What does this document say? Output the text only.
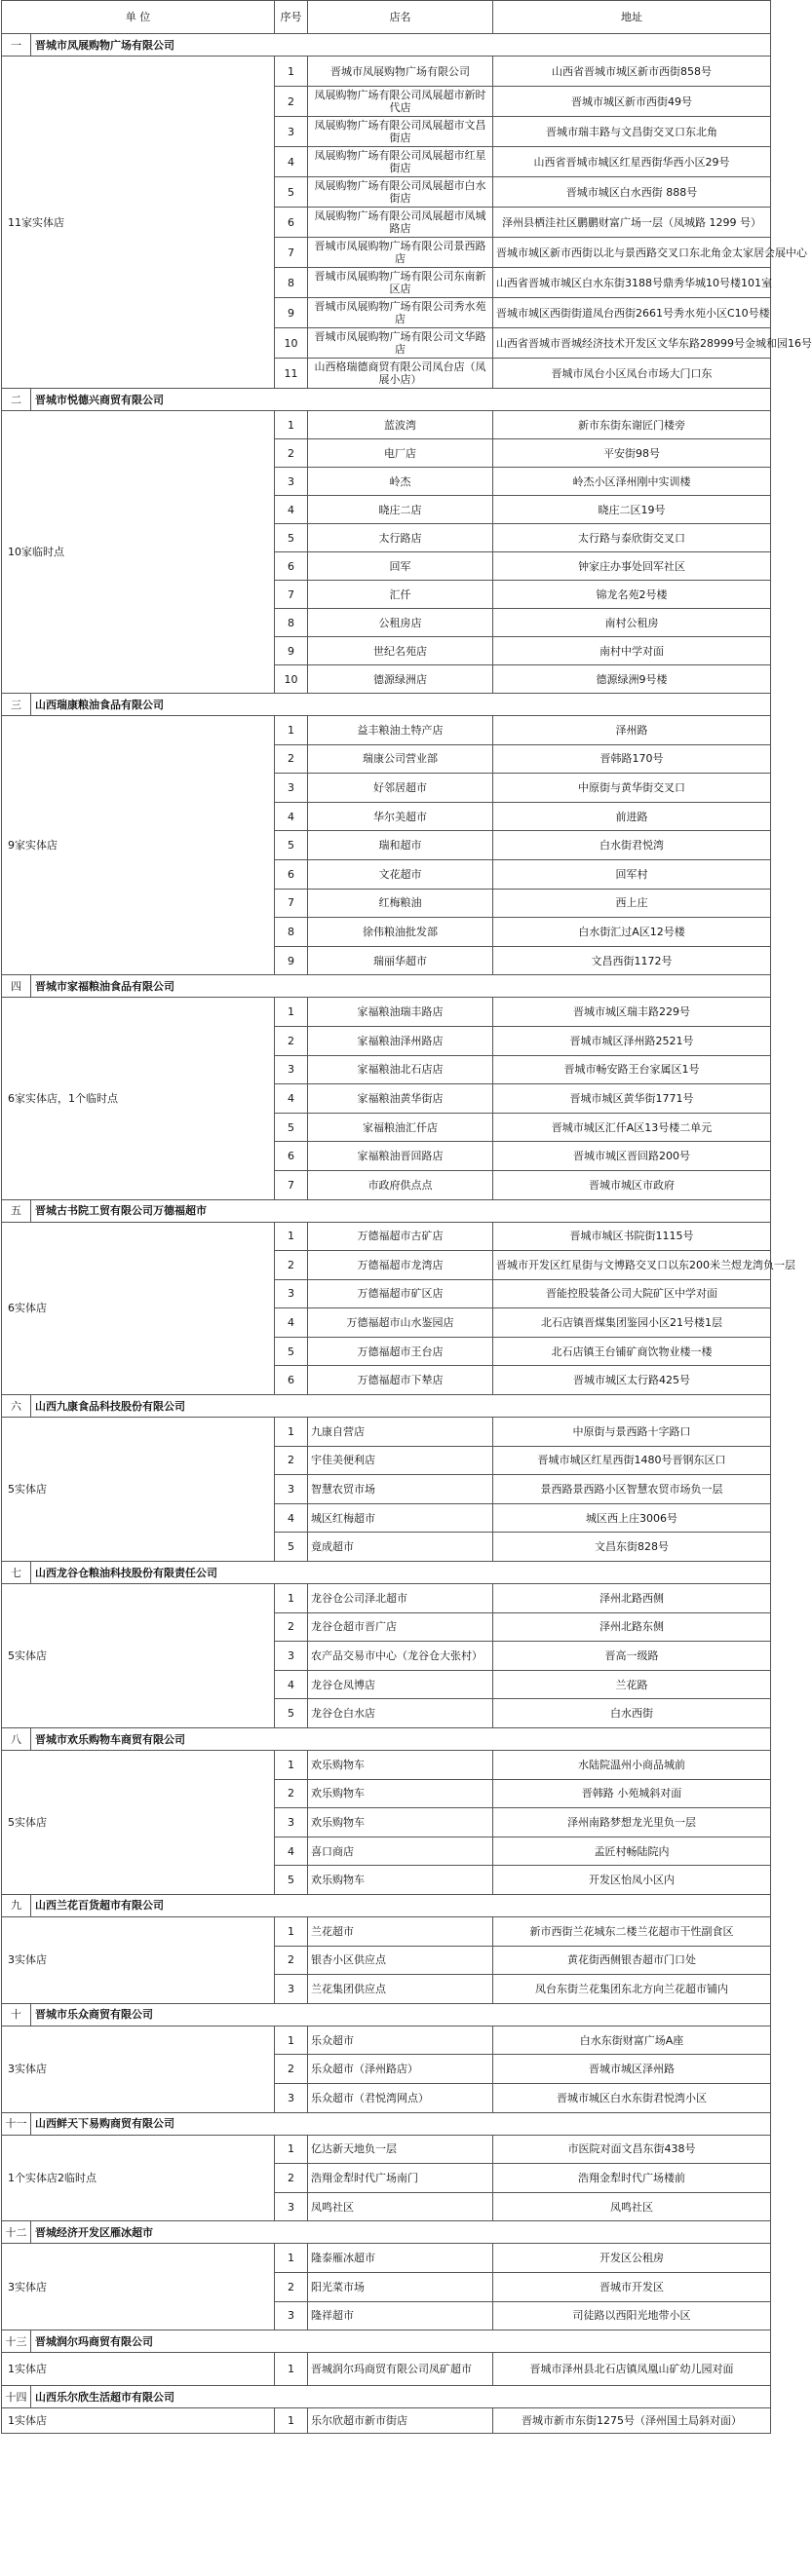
单 位		序号	店名	地址
一	晋城市凤展购物广场有限公司			
11家实体店		1	晋城市凤展购物广场有限公司	山西省晋城市城区新市西街858号
		2	凤展购物广场有限公司凤展超市新时代店	晋城市城区新市西街49号
		3	凤展购物广场有限公司凤展超市文昌街店	晋城市瑞丰路与文昌街交叉口东北角
		4	凤展购物广场有限公司凤展超市红星街店	山西省晋城市城区红星西街华西小区29号
		5	凤展购物广场有限公司凤展超市白水街店	晋城市城区白水西街 888号
		6	凤展购物广场有限公司凤展超市凤城路店	泽州县栖洼社区鹏鹏财富广场一层（凤城路 1299 号）
		7	晋城市凤展购物广场有限公司景西路店	晋城市城区新市西街以北与景西路交叉口东北角金太家居会展中心
		8	晋城市凤展购物广场有限公司东南新区店	山西省晋城市城区白水东街3188号鼎秀华城10号楼101室
		9	晋城市凤展购物广场有限公司秀水苑店	晋城市城区西街街道凤台西街2661号秀水苑小区C10号楼
		10	晋城市凤展购物广场有限公司文华路店	山西省晋城市晋城经济技术开发区文华东路28999号金城和园16号
		11	山西格瑞德商贸有限公司凤台店（凤展小店）	晋城市凤台小区凤台市场大门口东
二	晋城市悦德兴商贸有限公司			
10家临时点		1	蓝波湾	新市东街东谢匠门楼旁
		2	电厂店	平安街98号
		3	岭杰	岭杰小区泽州刚中实训楼
		4	晓庄二店	晓庄二区19号
		5	太行路店	太行路与泰欣街交叉口
		6	回军	钟家庄办事处回军社区
		7	汇仟	锦龙名苑2号楼
		8	公租房店	南村公租房
		9	世纪名苑店	南村中学对面
		10	德源绿洲店	德源绿洲9号楼
三	山西瑞康粮油食品有限公司			
9家实体店		1	益丰粮油土特产店	泽州路
		2	瑞康公司营业部	晋韩路170号
		3	好邻居超市	中原街与黄华街交叉口
		4	华尔美超市	前进路
		5	瑞和超市	白水街君悦湾
		6	文花超市	回军村
		7	红梅粮油	西上庄
		8	徐伟粮油批发部	白水街汇过A区12号楼
		9	瑞丽华超市	文昌西街1172号
四	晋城市家福粮油食品有限公司			
6家实体店，1个临时点		1	家福粮油瑞丰路店	晋城市城区瑞丰路229号
		2	家福粮油泽州路店	晋城市城区泽州路2521号
		3	家福粮油北石店店	晋城市畅安路王台家属区1号
		4	家福粮油黄华街店	晋城市城区黄华街1771号
		5	家福粮油汇仟店	晋城市城区汇仟A区13号楼二单元
		6	家福粮油晋回路店	晋城市城区晋回路200号
		7	市政府供点点	晋城市城区市政府
五	晋城古书院工贸有限公司万德福超市			
6实体店		1	万德福超市古矿店	晋城市城区书院街1115号
		2	万德福超市龙湾店	晋城市开发区红星街与文博路交叉口以东200米兰煜龙湾负一层
		3	万德福超市矿区店	晋能控股装备公司大院矿区中学对面
		4	万德福超市山水鉴园店	北石店镇晋煤集团鉴园小区21号楼1层
		5	万德福超市王台店	北石店镇王台铺矿商饮物业楼一楼
		6	万德福超市下辇店	晋城市城区太行路425号
六	山西九康食品科技股份有限公司			
5实体店		1	九康自营店	中原街与景西路十字路口
		2	宇佳美便利店	晋城市城区红星西街1480号晋钢东区口
		3	智慧农贸市场	景西路景西路小区智慧农贸市场负一层
		4	城区红梅超市	城区西上庄3006号
		5	竟成超市	文昌东街828号
七	山西龙谷仓粮油科技股份有限责任公司			
5实体店		1	龙谷仓公司泽北超市	泽州北路西侧
		2	龙谷仓超市晋广店	泽州北路东侧
		3	农产品交易市中心（龙谷仓大张村）	晋高一级路
		4	龙谷仓凤博店	兰花路
		5	龙谷仓白水店	白水西街
八	晋城市欢乐购物车商贸有限公司			
5实体店		1	欢乐购物车	水陆院温州小商品城前
		2	欢乐购物车	晋韩路 小苑城斜对面
		3	欢乐购物车	泽州南路梦想龙光里负一层
		4	喜口商店	孟匠村畅陆院内
		5	欢乐购物车	开发区怡凤小区内
九	山西兰花百货超市有限公司			
3实体店		1	兰花超市	新市西街兰花城东二楼兰花超市干性副食区
		2	银杏小区供应点	黄花街西侧银杏超市门口处
		3	兰花集团供应点	凤台东街兰花集团东北方向兰花超市铺内
十	晋城市乐众商贸有限公司			
3实体店		1	乐众超市	白水东街财富广场A座
		2	乐众超市（泽州路店）	晋城市城区泽州路
		3	乐众超市（君悦湾网点）	晋城市城区白水东街君悦湾小区
十一	山西鲜天下易购商贸有限公司			
1个实体店2临时点		1	亿达新天地负一层	市医院对面文昌东街438号
		2	浩翔金犁时代广场南门	浩翔金犁时代广场楼前
		3	凤鸣社区	凤鸣社区
十二	晋城经济开发区雁冰超市			
3实体店		1	隆泰雁冰超市	开发区公租房
		2	阳光菜市场	晋城市开发区
		3	隆祥超市	司徒路以西阳光地带小区
十三	晋城润尔玛商贸有限公司			
1实体店		1	晋城润尔玛商贸有限公司凤矿超市	晋城市泽州县北石店镇凤凰山矿幼儿园对面
十四	山西乐尔欣生活超市有限公司			
1实体店		1	乐尔欣超市新市街店	晋城市新市东街1275号（泽州国土局斜对面）
